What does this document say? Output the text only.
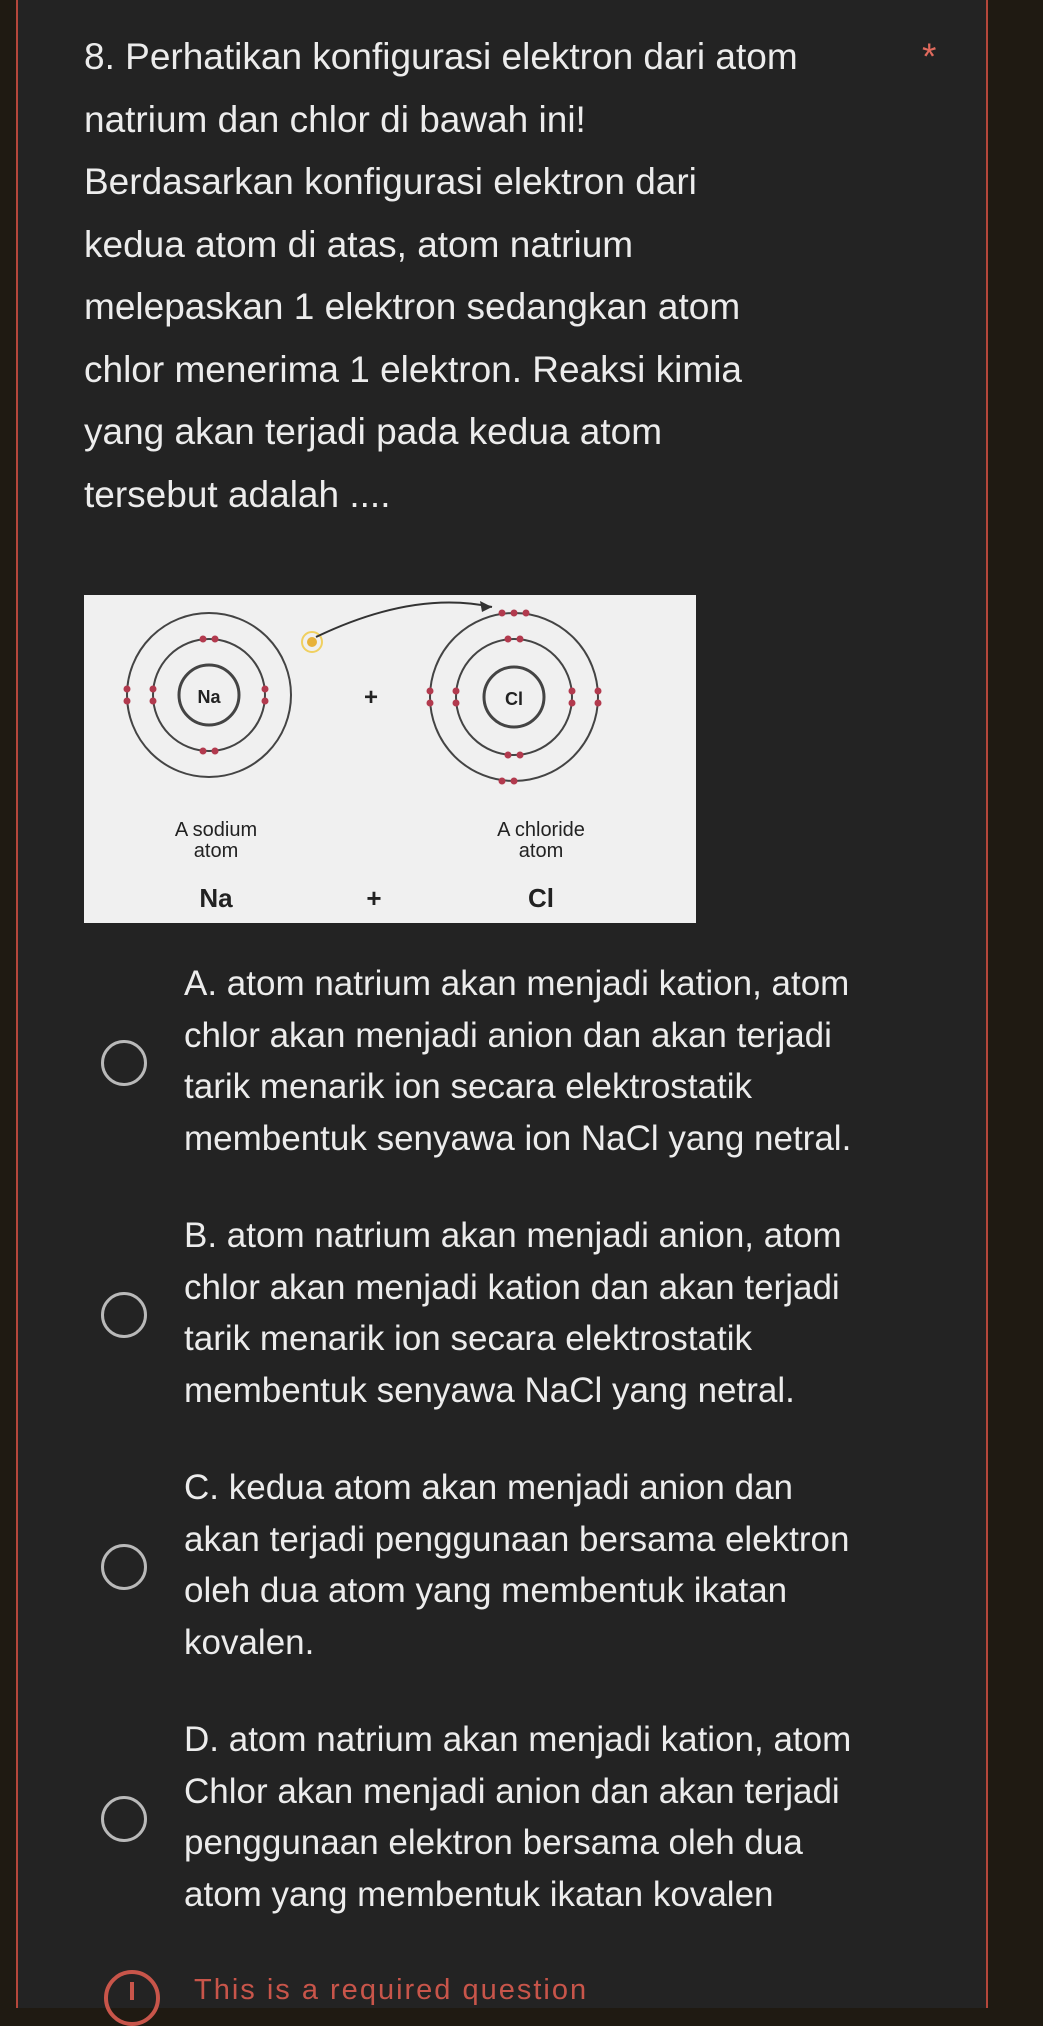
8. Perhatikan konfigurasi elektron dari atom
natrium dan chlor di bawah ini!
Berdasarkan konfigurasi elektron dari
kedua atom di atas, atom natrium
melepaskan 1 elektron sedangkan atom
chlor menerima 1 elektron. Reaksi kimia
yang akan terjadi pada kedua atom
tersebut adalah ....
*
Na	Cl
+
A sodium
atom
A chloride
atom
Na	+	Cl
A. atom natrium akan menjadi kation, atom
chlor akan menjadi anion dan akan terjadi
tarik menarik ion secara elektrostatik
membentuk senyawa ion NaCl yang netral.
B. atom natrium akan menjadi anion, atom
chlor akan menjadi kation dan akan terjadi
tarik menarik ion secara elektrostatik
membentuk senyawa NaCl yang netral.
C. kedua atom akan menjadi anion dan
akan terjadi penggunaan bersama elektron
oleh dua atom yang membentuk ikatan
kovalen.
D. atom natrium akan menjadi kation, atom
Chlor akan menjadi anion dan akan terjadi
penggunaan elektron bersama oleh dua
atom yang membentuk ikatan kovalen
This is a required question
